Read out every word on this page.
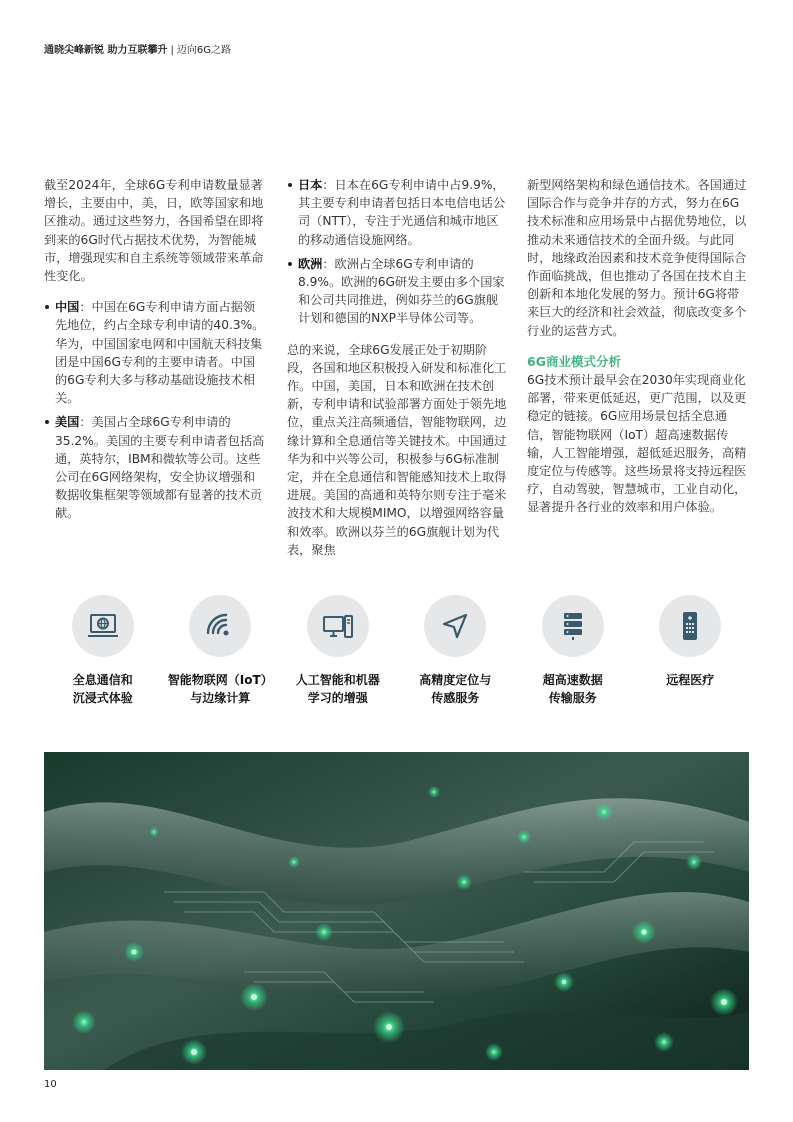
通晓尖峰新锐 助力互联攀升 | 迈向6G之路

截至2024年，全球6G专利申请数量显著增长，主要由中，美，日，欧等国家和地区推动。通过这些努力，各国希望在即将到来的6G时代占据技术优势，为智能城市，增强现实和自主系统等领域带来革命性变化。

中国：中国在6G专利申请方面占据领先地位，约占全球专利申请的40.3%。华为，中国国家电网和中国航天科技集团是中国6G专利的主要申请者。中国的6G专利大多与移动基础设施技术相关。
美国：美国占全球6G专利申请的35.2%。美国的主要专利申请者包括高通，英特尔，IBM和微软等公司。这些公司在6G网络架构，安全协议增强和数据收集框架等领域都有显著的技术贡献。
日本：日本在6G专利申请中占9.9%，其主要专利申请者包括日本电信电话公司（NTT），专注于光通信和城市地区的移动通信设施网络。
欧洲：欧洲占全球6G专利申请的8.9%。欧洲的6G研发主要由多个国家和公司共同推进，例如芬兰的6G旗舰计划和德国的NXP半导体公司等。

总的来说，全球6G发展正处于初期阶段，各国和地区积极投入研发和标准化工作。中国，美国，日本和欧洲在技术创新，专利申请和试验部署方面处于领先地位，重点关注高频通信，智能物联网，边缘计算和全息通信等关键技术。中国通过华为和中兴等公司，积极参与6G标准制定，并在全息通信和智能感知技术上取得进展。美国的高通和英特尔则专注于毫米波技术和大规模MIMO，以增强网络容量和效率。欧洲以芬兰的6G旗舰计划为代表，聚焦

新型网络架构和绿色通信技术。各国通过国际合作与竞争并存的方式，努力在6G技术标准和应用场景中占据优势地位，以推动未来通信技术的全面升级。与此同时，地缘政治因素和技术竞争使得国际合作面临挑战，但也推动了各国在技术自主创新和本地化发展的努力。预计6G将带来巨大的经济和社会效益，彻底改变多个行业的运营方式。

6G商业模式分析

6G技术预计最早会在2030年实现商业化部署，带来更低延迟，更广范围，以及更稳定的链接。6G应用场景包括全息通信，智能物联网（IoT）超高速数据传输，人工智能增强，超低延迟服务，高精度定位与传感等。这些场景将支持远程医疗，自动驾驶，智慧城市，工业自动化，显著提升各行业的效率和用户体验。

全息通信和
沉浸式体验
智能物联网（IoT）
与边缘计算
人工智能和机器
学习的增强
高精度定位与
传感服务
超高速数据
传输服务
远程医疗
10
